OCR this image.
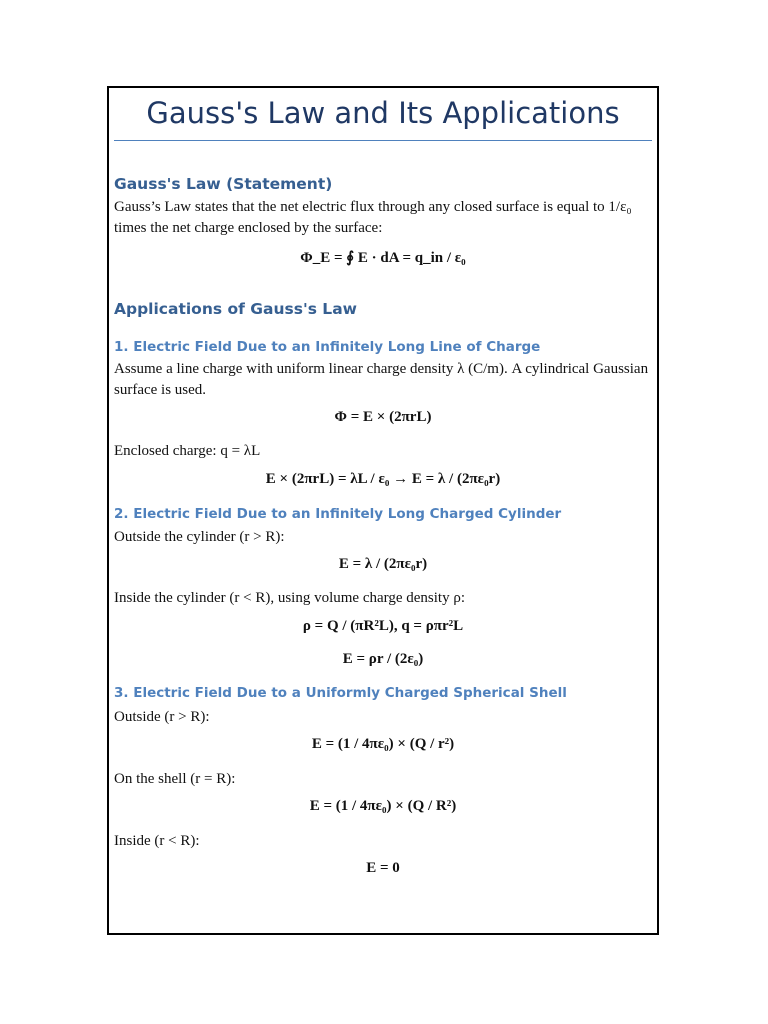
Gauss's Law and Its Applications
Gauss's Law (Statement)
Gauss’s Law states that the net electric flux through any closed surface is equal to 1/ε₀
times the net charge enclosed by the surface:
Φ_E = ∮ E · dA = q_in / ε₀
Applications of Gauss's Law
1. Electric Field Due to an Infinitely Long Line of Charge
Assume a line charge with uniform linear charge density λ (C/m). A cylindrical Gaussian
surface is used.
Φ = E × (2πrL)
Enclosed charge: q = λL
E × (2πrL) = λL / ε₀ → E = λ / (2πε₀r)
2. Electric Field Due to an Infinitely Long Charged Cylinder
Outside the cylinder (r > R):
E = λ / (2πε₀r)
Inside the cylinder (r < R), using volume charge density ρ:
ρ = Q / (πR²L), q = ρπr²L
E = ρr / (2ε₀)
3. Electric Field Due to a Uniformly Charged Spherical Shell
Outside (r > R):
E = (1 / 4πε₀) × (Q / r²)
On the shell (r = R):
E = (1 / 4πε₀) × (Q / R²)
Inside (r < R):
E = 0
